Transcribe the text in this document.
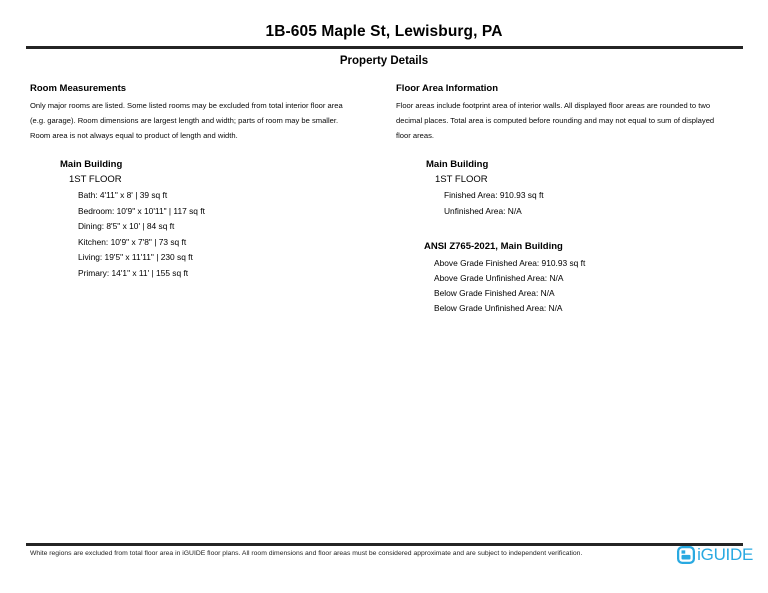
1B-605 Maple St, Lewisburg, PA
Property Details
Room Measurements
Only major rooms are listed. Some listed rooms may be excluded from total interior floor area
(e.g. garage). Room dimensions are largest length and width; parts of room may be smaller.
Room area is not always equal to product of length and width.
Main Building
1ST FLOOR
Bath: 4'11" x 8' | 39 sq ft
Bedroom: 10'9" x 10'11" | 117 sq ft
Dining: 8'5" x 10' | 84 sq ft
Kitchen: 10'9" x 7'8" | 73 sq ft
Living: 19'5" x 11'11" | 230 sq ft
Primary: 14'1" x 11' | 155 sq ft
Floor Area Information
Floor areas include footprint area of interior walls. All displayed floor areas are rounded to two
decimal places. Total area is computed before rounding and may not equal to sum of displayed
floor areas.
Main Building
1ST FLOOR
Finished Area: 910.93 sq ft
Unfinished Area: N/A
ANSI Z765-2021, Main Building
Above Grade Finished Area: 910.93 sq ft
Above Grade Unfinished Area: N/A
Below Grade Finished Area: N/A
Below Grade Unfinished Area: N/A
White regions are excluded from total floor area in iGUIDE floor plans. All room dimensions and floor areas must be considered approximate and are subject to independent verification.	iGUIDE
